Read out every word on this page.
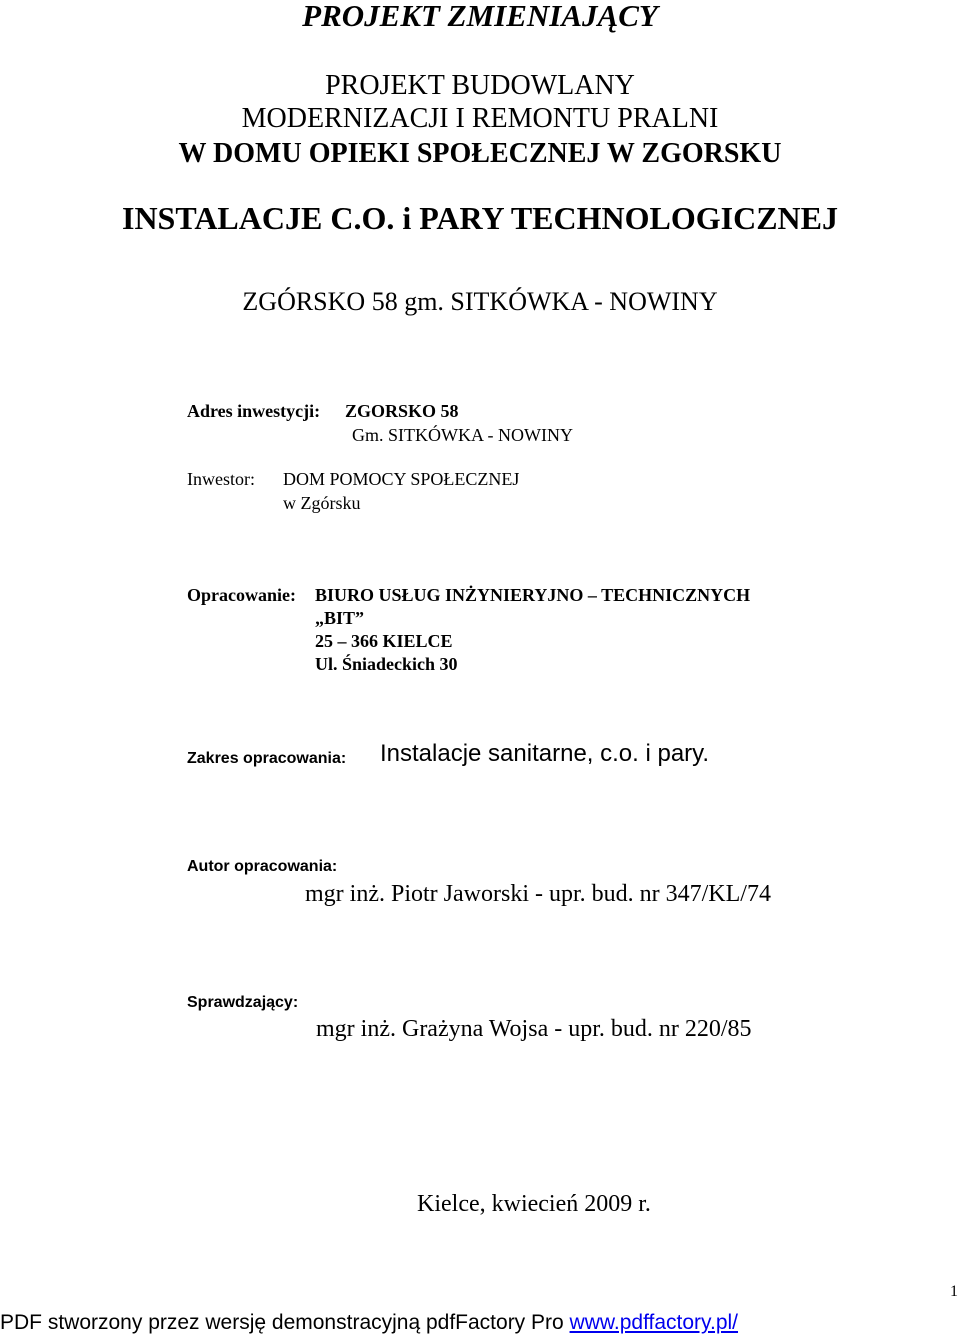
PROJEKT ZMIENIAJĄCY
PROJEKT BUDOWLANY
MODERNIZACJI I REMONTU PRALNI
W DOMU OPIEKI SPOŁECZNEJ W ZGORSKU
INSTALACJE C.O. i PARY TECHNOLOGICZNEJ
ZGÓRSKO 58 gm. SITKÓWKA - NOWINY
Adres inwestycji: ZGORSKO 58
Gm. SITKÓWKA - NOWINY
Inwestor: DOM POMOCY SPOŁECZNEJ
w Zgórsku
Opracowanie: BIURO USŁUG INŻYNIERYJNO – TECHNICZNYCH
„BIT”
25 – 366 KIELCE
Ul. Śniadeckich 30
Zakres opracowania: Instalacje sanitarne, c.o. i pary.
Autor opracowania:
mgr inż. Piotr Jaworski - upr. bud. nr 347/KL/74
Sprawdzający:
mgr inż. Grażyna Wojsa - upr. bud. nr 220/85
Kielce, kwiecień 2009 r.
1
PDF stworzony przez wersję demonstracyjną pdfFactory Pro www.pdffactory.pl/
